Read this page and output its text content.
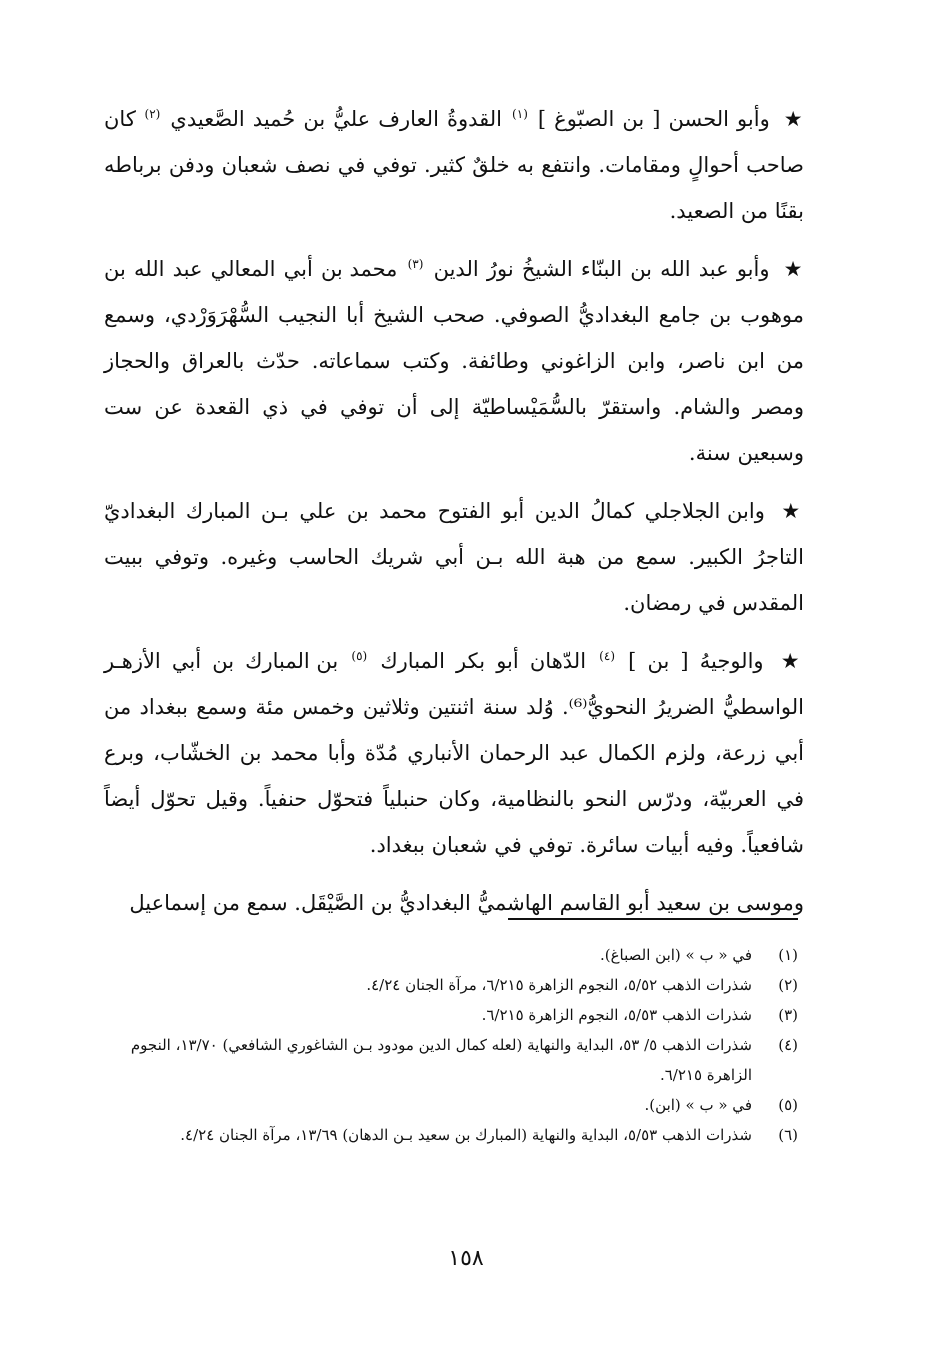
★ وأبو الحسن [ بن الصبّوغ ] $^{(١)}$ القدوةُ العارف عليُّ بن حُميد الصَّعيدي $^{(٢)}$ كان صاحب أحوالٍ ومقامات. وانتفع به خلقٌ كثير. توفي في نصف شعبان ودفن برباطه بقنًا من الصعيد.

★ وأبو عبد الله بن البنّاء الشيخُ نورُ الدين $^{(٣)}$ محمد بن أبي المعالي عبد الله بن موهوب بن جامع البغداديُّ الصوفي. صحب الشيخ أبا النجيب السُّهْرَوَرْدي، وسمع من ابن ناصر، وابن الزاغوني وطائفة. وكتب سماعاته. حدّث بالعراق والحجاز ومصر والشام. واستقرّ بالسُّمَيْساطيّة إلى أن توفي في ذي القعدة عن ست وسبعين سنة.

★ وابن الجلاجلي كمالُ الدين أبو الفتوح محمد بن علي بـن المبارك البغداديّ التاجرُ الكبير. سمع من هبة الله بـن أبي شريك الحاسب وغيره. وتوفي ببيت المقدس في رمضان.

★ والوجيهُ [ بن ] $^{(٤)}$ الدّهان أبو بكر المبارك $^{(٥)}$ بن المبارك بن أبي الأزهـر الواسطيُّ الضريرُ النحويُّ⁽⁶⁾. وُلد سنة اثنتين وثلاثين وخمس مئة وسمع ببغداد من أبي زرعة، ولزم الكمال عبد الرحمان الأنباري مُدّة وأبا محمد بن الخشّاب، وبرع في العربيّة، ودرّس النحو بالنظامية، وكان حنبلياً فتحوّل حنفياً. وقيل تحوّل أيضاً شافعياً. وفيه أبيات سائرة. توفي في شعبان ببغداد.

وموسى بن سعيد أبو القاسم الهاشميُّ البغداديُّ بن الصَّيْقَل. سمع من إسماعيل

(١)
في « ب » (ابن الصباغ).
(٢)
شذرات الذهب ٥/٥٢، النجوم الزاهرة ٦/٢١٥، مرآة الجنان ٤/٢٤.
(٣)
شذرات الذهب ٥/٥٣، النجوم الزاهرة ٦/٢١٥.
(٤)
شذرات الذهب ٥/ ٥٣، البداية والنهاية (لعله كمال الدين مودود بـن الشاغوري الشافعي) ١٣/٧٠، النجوم الزاهرة ٦/٢١٥.
(٥)
في « ب » (ابن).
(٦)
شذرات الذهب ٥/٥٣، البداية والنهاية (المبارك بن سعيد بـن الدهان) ١٣/٦٩، مرآة الجنان ٤/٢٤.
١٥٨
